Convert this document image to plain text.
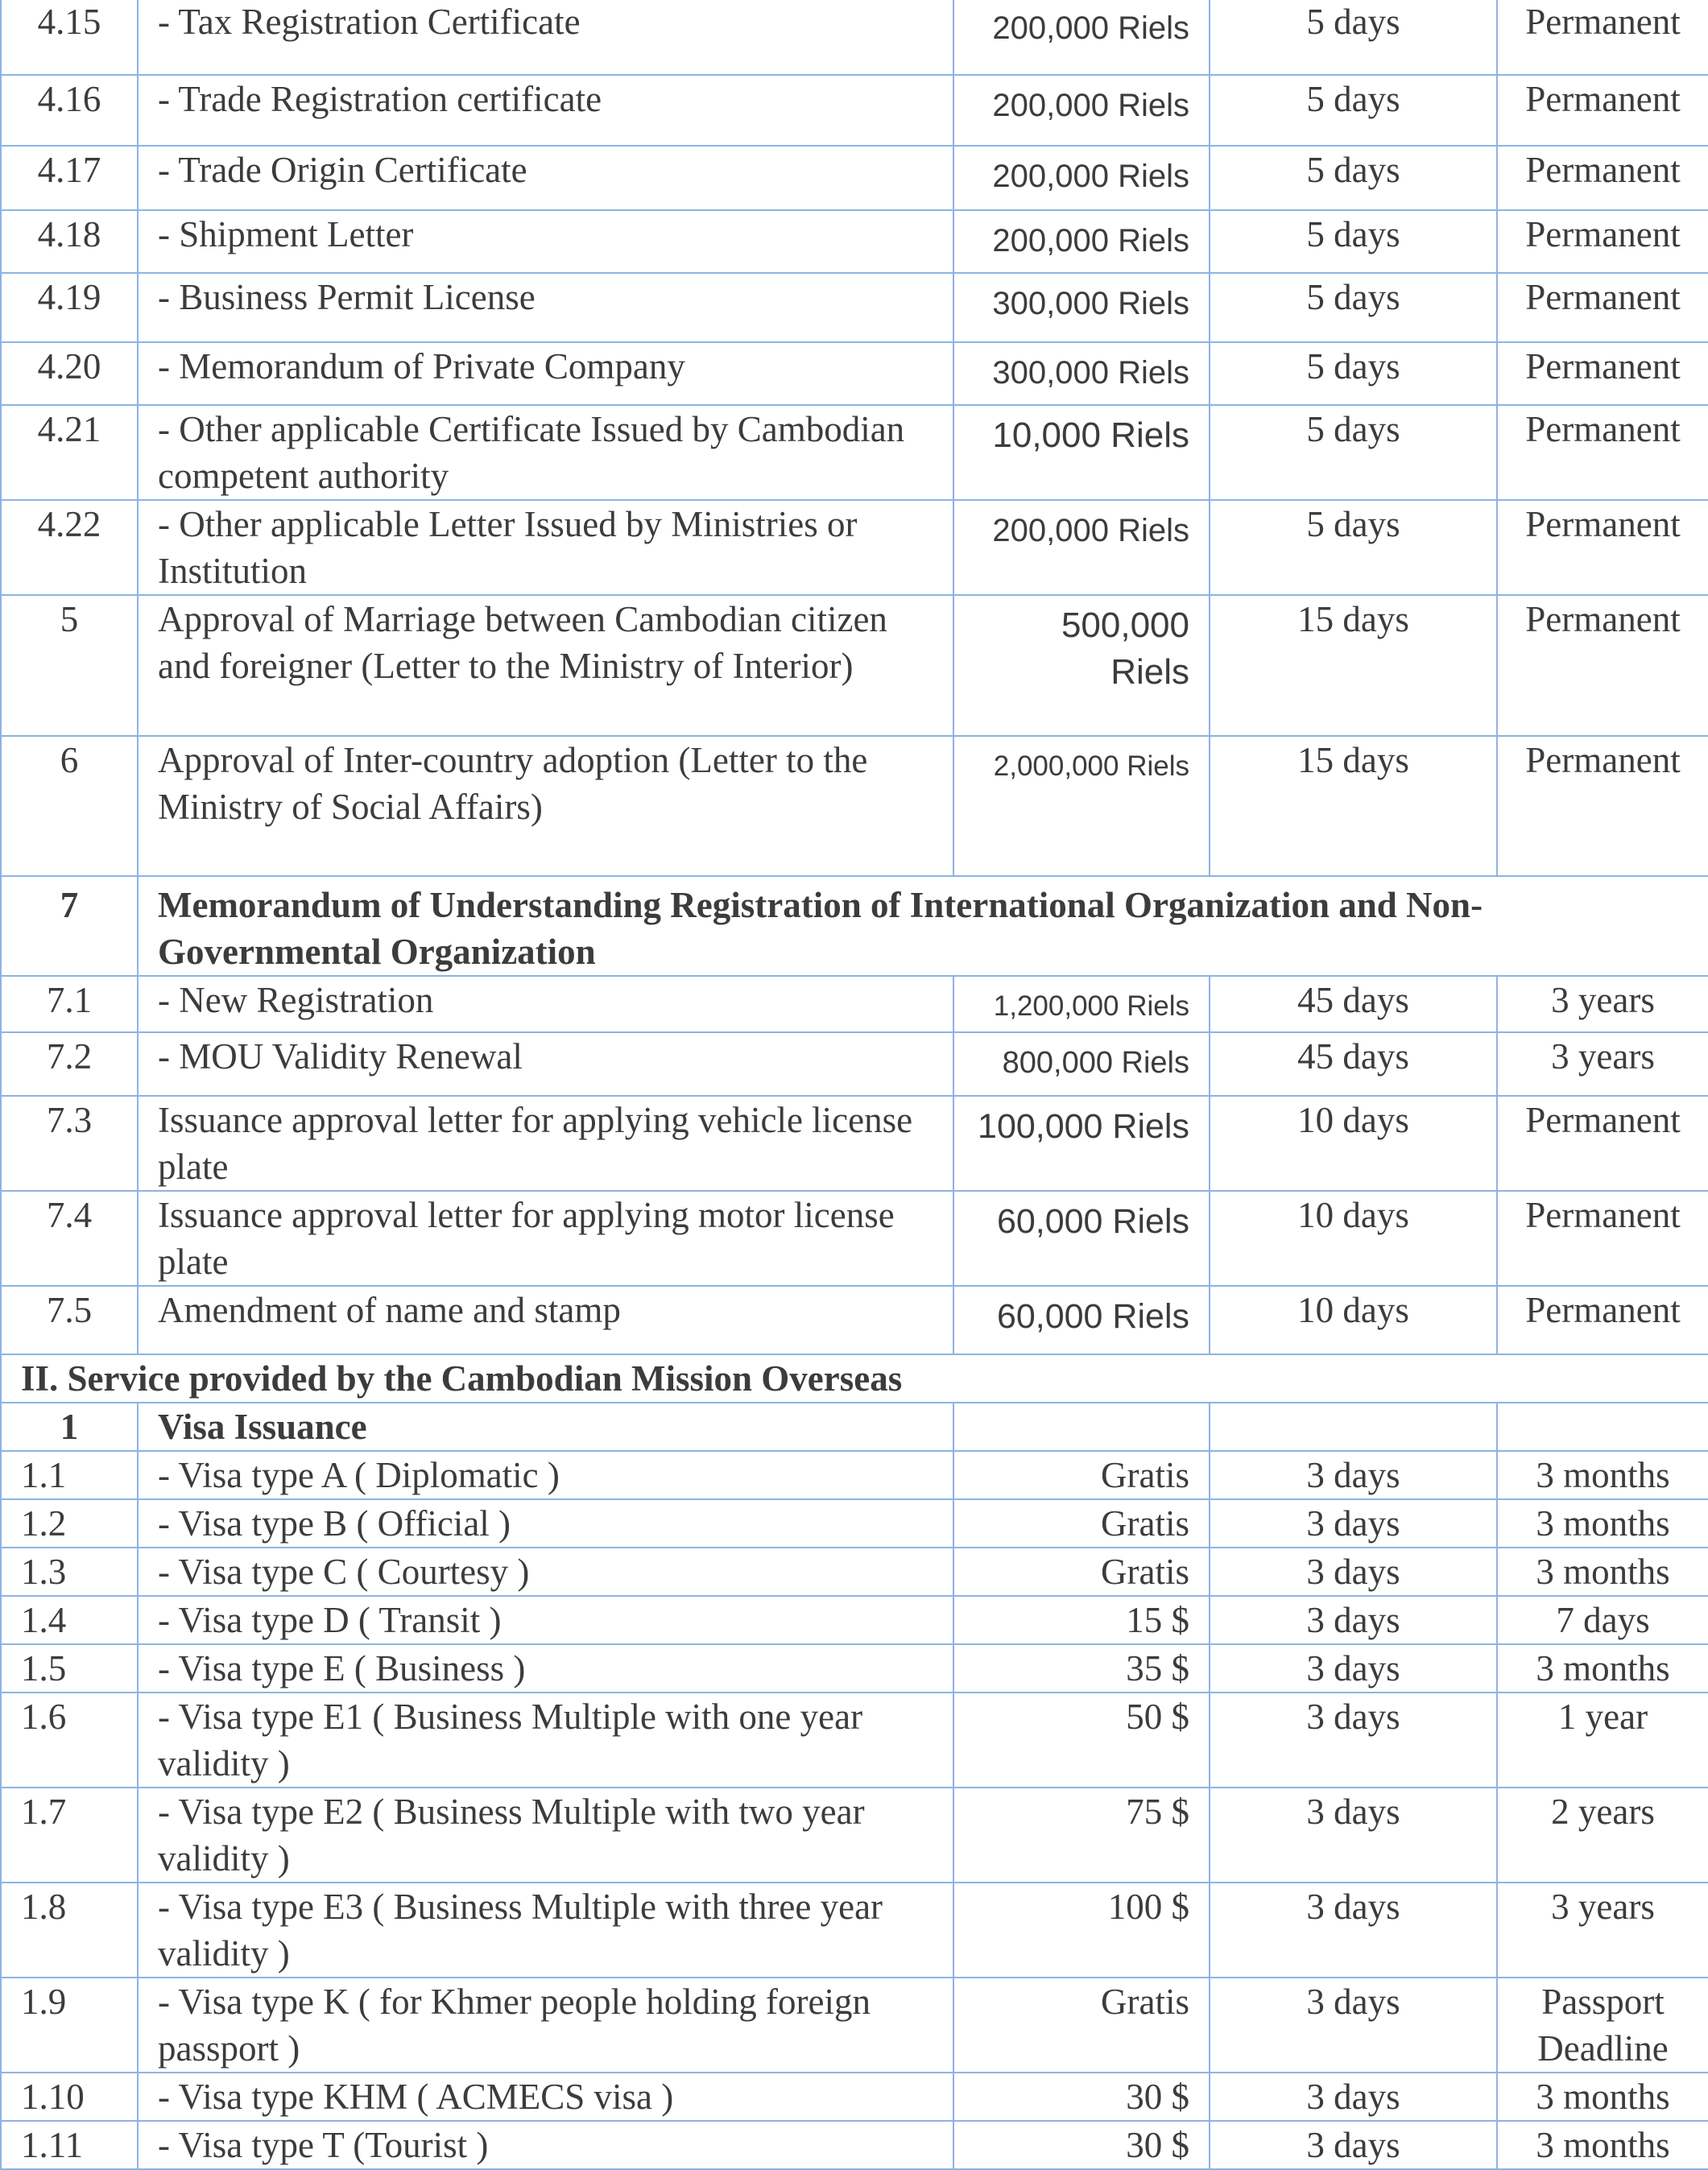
4.15	- Tax Registration Certificate	200,000 Riels	5 days	Permanent
4.16	- Trade Registration certificate	200,000 Riels	5 days	Permanent
4.17	- Trade Origin Certificate	200,000 Riels	5 days	Permanent
4.18	- Shipment Letter	200,000 Riels	5 days	Permanent
4.19	- Business Permit License	300,000 Riels	5 days	Permanent
4.20	- Memorandum of Private Company	300,000 Riels	5 days	Permanent
4.21	- Other applicable Certificate Issued by Cambodian competent authority	10,000 Riels	5 days	Permanent
4.22	- Other applicable Letter Issued by Ministries or Institution	200,000 Riels	5 days	Permanent
5	Approval of Marriage between Cambodian citizen and foreigner (Letter to the Ministry of Interior)	500,000 Riels	15 days	Permanent
6	Approval of Inter-country adoption (Letter to the Ministry of Social Affairs)	2,000,000 Riels	15 days	Permanent
7	Memorandum of Understanding Registration of International Organization and Non-Governmental Organization			
7.1	- New Registration	1,200,000 Riels	45 days	3 years
7.2	- MOU Validity Renewal	800,000 Riels	45 days	3 years
7.3	Issuance approval letter for applying vehicle license plate	100,000 Riels	10 days	Permanent
7.4	Issuance approval letter for applying motor license plate	60,000 Riels	10 days	Permanent
7.5	Amendment of name and stamp	60,000 Riels	10 days	Permanent
II. Service provided by the Cambodian Mission Overseas				
1	Visa Issuance			
1.1	- Visa type A ( Diplomatic )	Gratis	3 days	3 months
1.2	- Visa type B ( Official )	Gratis	3 days	3 months
1.3	- Visa type C ( Courtesy )	Gratis	3 days	3 months
1.4	- Visa type D ( Transit )	15 $	3 days	7 days
1.5	- Visa type E ( Business )	35 $	3 days	3 months
1.6	- Visa type E1 ( Business Multiple with one year validity )	50 $	3 days	1 year
1.7	- Visa type E2 ( Business Multiple with two year validity )	75 $	3 days	2 years
1.8	- Visa type E3 ( Business Multiple with three year validity )	100 $	3 days	3 years
1.9	- Visa type K ( for Khmer people holding foreign passport )	Gratis	3 days	Passport Deadline
1.10	- Visa type KHM ( ACMECS visa )	30 $	3 days	3 months
1.11	- Visa type T (Tourist )	30 $	3 days	3 months
